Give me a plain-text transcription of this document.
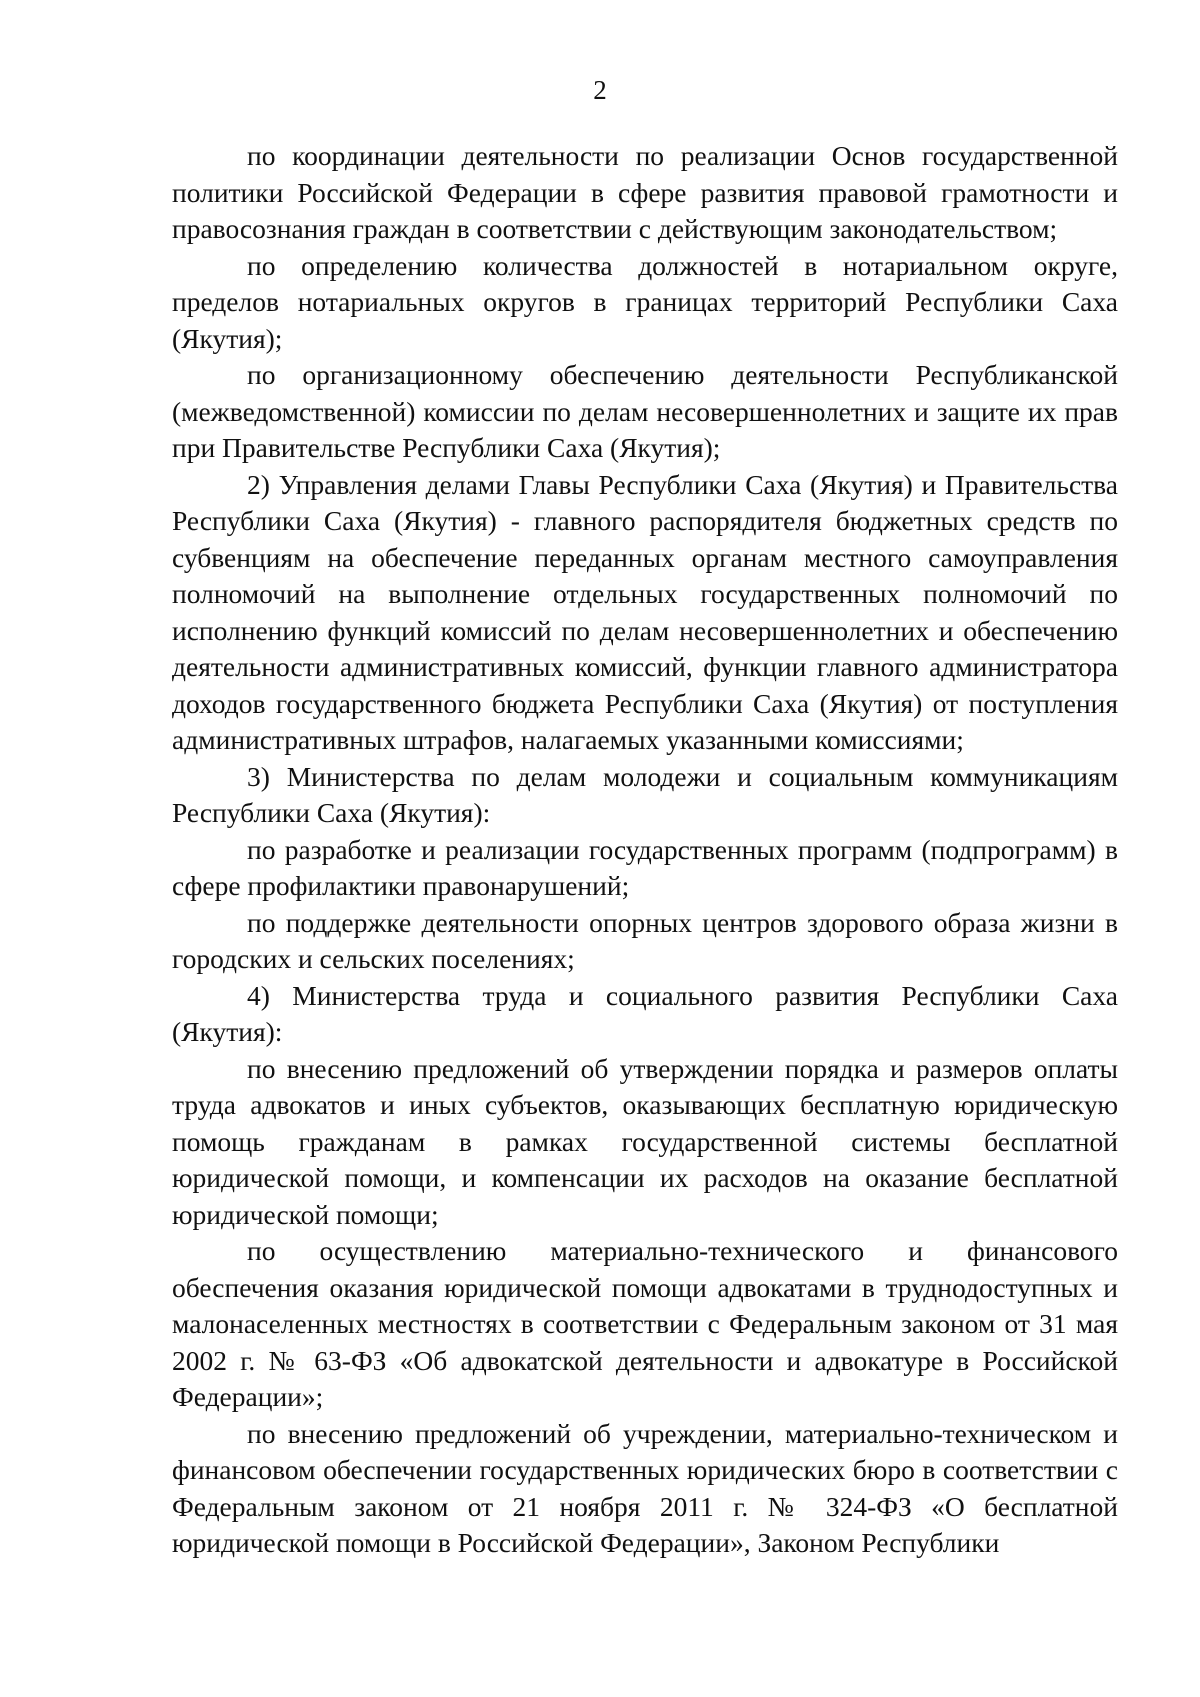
2

по координации деятельности по реализации Основ государственной политики Российской Федерации в сфере развития правовой грамотности и правосознания граждан в соответствии с действующим законодательством;

по определению количества должностей в нотариальном округе, пределов нотариальных округов в границах территорий Республики Саха (Якутия);

по организационному обеспечению деятельности Республиканской (межведомственной) комиссии по делам несовершеннолетних и защите их прав при Правительстве Республики Саха (Якутия);

2) Управления делами Главы Республики Саха (Якутия) и Правительства Республики Саха (Якутия) - главного распорядителя бюджетных средств по субвенциям на обеспечение переданных органам местного самоуправления полномочий на выполнение отдельных государственных полномочий по исполнению функций комиссий по делам несовершеннолетних и обеспечению деятельности административных комиссий, функции главного администратора доходов государственного бюджета Республики Саха (Якутия) от поступления административных штрафов, налагаемых указанными комиссиями;

3) Министерства по делам молодежи и социальным коммуникациям Республики Саха (Якутия):

по разработке и реализации государственных программ (подпрограмм) в сфере профилактики правонарушений;

по поддержке деятельности опорных центров здорового образа жизни в городских и сельских поселениях;

4) Министерства труда и социального развития Республики Саха (Якутия):

по внесению предложений об утверждении порядка и размеров оплаты труда адвокатов и иных субъектов, оказывающих бесплатную юридическую помощь гражданам в рамках государственной системы бесплатной юридической помощи, и компенсации их расходов на оказание бесплатной юридической помощи;

по осуществлению материально-технического и финансового обеспечения оказания юридической помощи адвокатами в труднодоступных и малонаселенных местностях в соответствии с Федеральным законом от 31 мая 2002 г. № 63-ФЗ «Об адвокатской деятельности и адвокатуре в Российской Федерации»;

по внесению предложений об учреждении, материально-техническом и финансовом обеспечении государственных юридических бюро в соответствии с Федеральным законом от 21 ноября 2011 г. № 324-ФЗ «О бесплатной юридической помощи в Российской Федерации», Законом Республики
